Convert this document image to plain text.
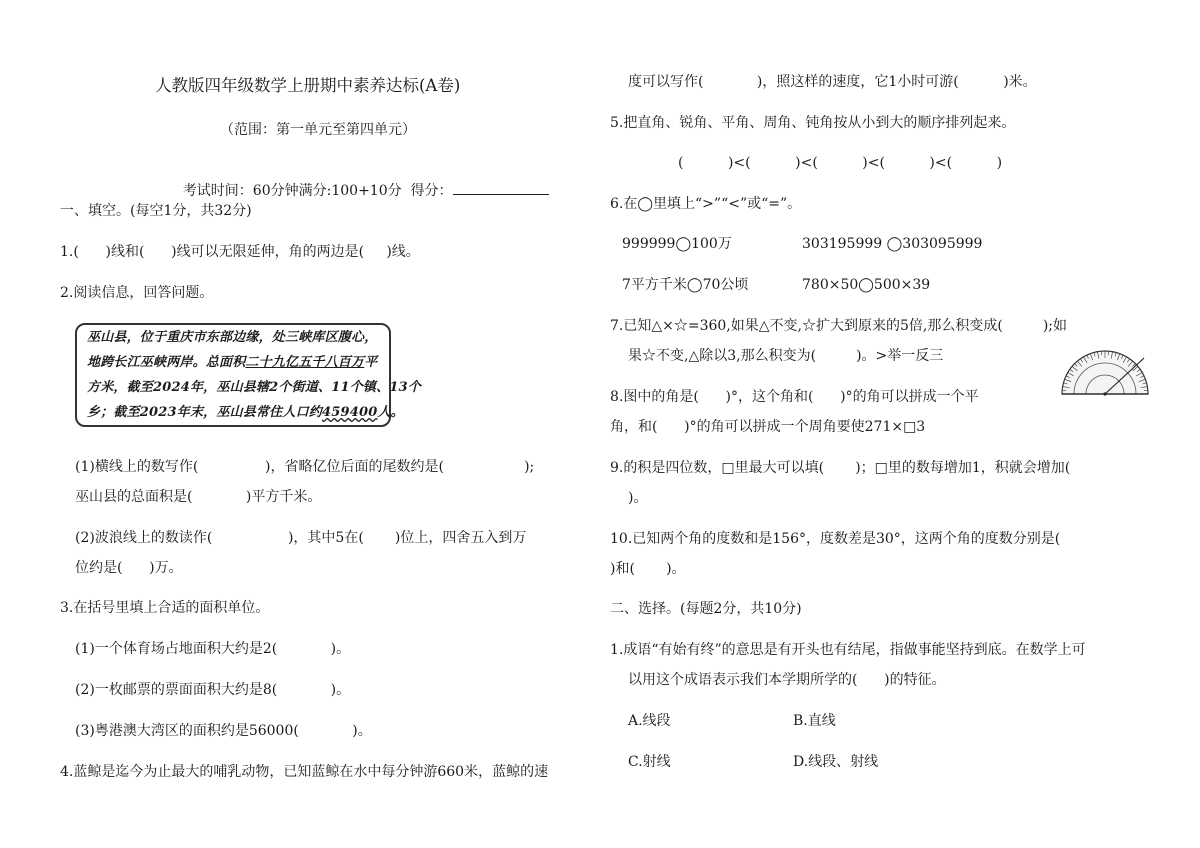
人教版四年级数学上册期中素养达标(A卷)
（范围：第一单元至第四单元）

考试时间：60分钟满分:100+10分  得分：

一、填空。(每空1分，共32分)
1.(      )线和(      )线可以无限延伸，角的两边是(     )线。
2.阅读信息，回答问题。
巫山县，位于重庆市东部边缘，处三峡库区腹心，
地跨长江巫峡两岸。总面积二十九亿五千八百万平
方米，截至2024年，巫山县辖2个街道、11个镇、13个
乡；截至2023年末，巫山县常住人口约459400人。
(1)横线上的数写作(               )，省略亿位后面的尾数约是(                  );
巫山县的总面积是(            )平方千米。
(2)波浪线上的数读作(                 )，其中5在(       )位上，四舍五入到万
位约是(      )万。
3.在括号里填上合适的面积单位。
(1)一个体育场占地面积大约是2(            )。
(2)一枚邮票的票面面积大约是8(            )。
(3)粤港澳大湾区的面积约是56000(            )。
4.蓝鲸是迄今为止最大的哺乳动物，已知蓝鲸在水中每分钟游660米，蓝鲸的速
度可以写作(            )，照这样的速度，它1小时可游(          )米。
5.把直角、锐角、平角、周角、钝角按从小到大的顺序排列起来。
(          )<(          )<(          )<(          )<(          )
6.在◯里填上“>”“<”或“=”。
999999◯100万	303195999 ◯303095999
7平方千米◯70公顷	780×50◯500×39
7.已知△×☆=360,如果△不变,☆扩大到原来的5倍,那么积变成(         );如
果☆不变,△除以3,那么积变为(         )。>举一反三
8.图中的角是(      )°，这个角和(      )°的角可以拼成一个平
角，和(      )°的角可以拼成一个周角要使271×□3
9.的积是四位数，□里最大可以填(       )；□里的数每增加1，积就会增加(
)。
10.已知两个角的度数和是156°，度数差是30°，这两个角的度数分别是(
)和(       )。
二、选择。(每题2分，共10分)
1.成语“有始有终”的意思是有开头也有结尾，指做事能坚持到底。在数学上可
以用这个成语表示我们本学期所学的(      )的特征。
A.线段	B.直线
C.射线	D.线段、射线
